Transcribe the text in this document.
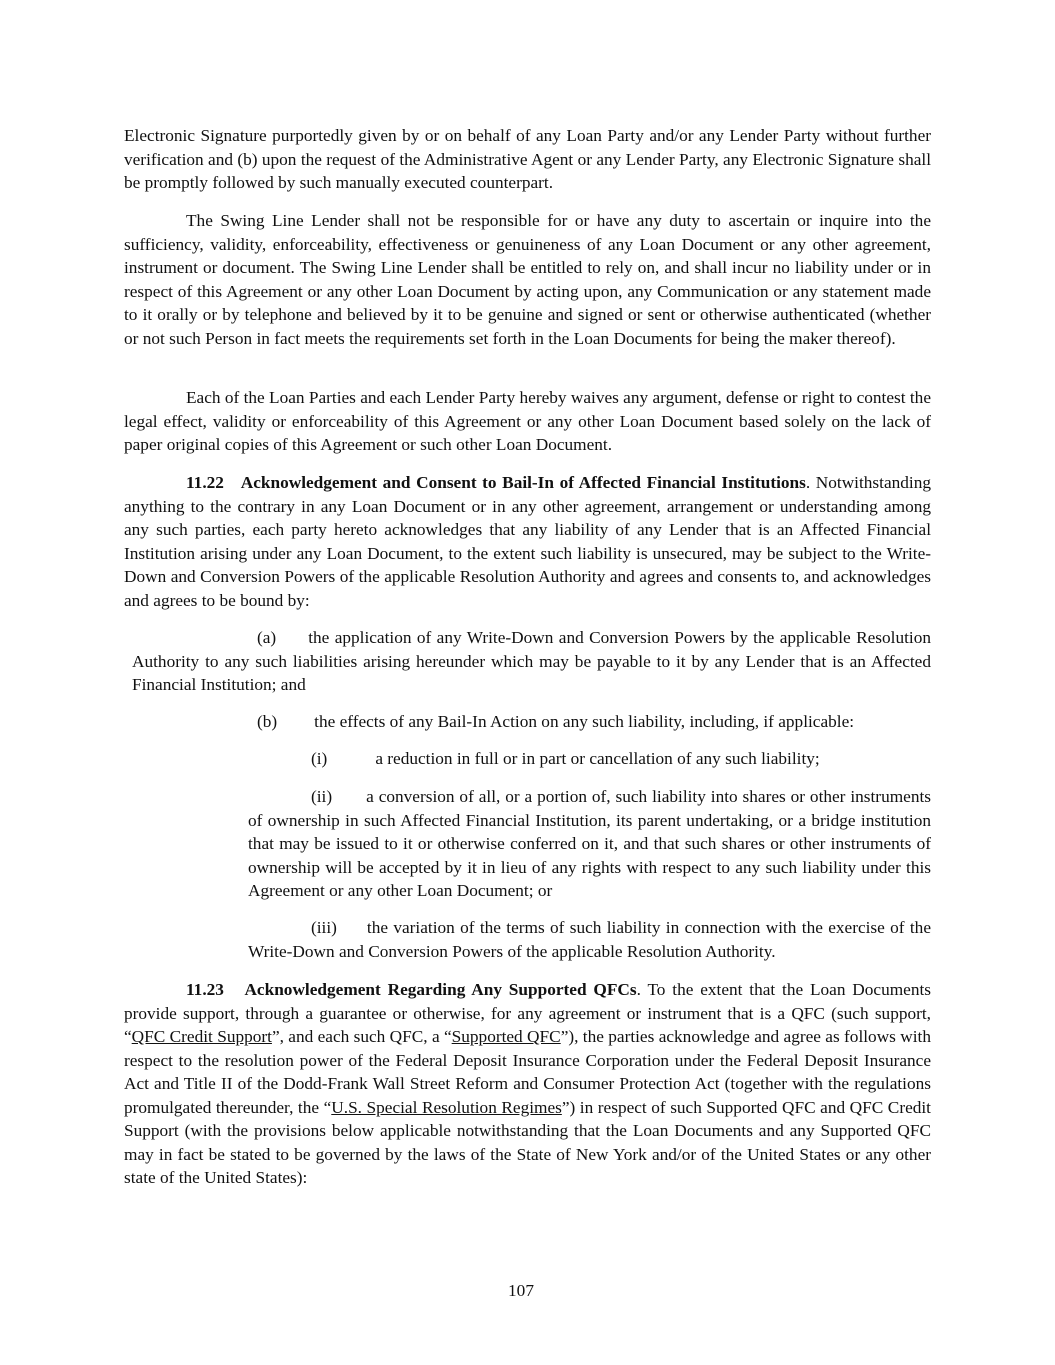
Electronic Signature purportedly given by or on behalf of any Loan Party and/or any Lender Party without further verification and (b) upon the request of the Administrative Agent or any Lender Party, any Electronic Signature shall be promptly followed by such manually executed counterpart.

The Swing Line Lender shall not be responsible for or have any duty to ascertain or inquire into the sufficiency, validity, enforceability, effectiveness or genuineness of any Loan Document or any other agreement, instrument or document. The Swing Line Lender shall be entitled to rely on, and shall incur no liability under or in respect of this Agreement or any other Loan Document by acting upon, any Communication or any statement made to it orally or by telephone and believed by it to be genuine and signed or sent or otherwise authenticated (whether or not such Person in fact meets the requirements set forth in the Loan Documents for being the maker thereof).

Each of the Loan Parties and each Lender Party hereby waives any argument, defense or right to contest the legal effect, validity or enforceability of this Agreement or any other Loan Document based solely on the lack of paper original copies of this Agreement or such other Loan Document.

11.22 Acknowledgement and Consent to Bail-In of Affected Financial Institutions. Notwithstanding anything to the contrary in any Loan Document or in any other agreement, arrangement or understanding among any such parties, each party hereto acknowledges that any liability of any Lender that is an Affected Financial Institution arising under any Loan Document, to the extent such liability is unsecured, may be subject to the Write-Down and Conversion Powers of the applicable Resolution Authority and agrees and consents to, and acknowledges and agrees to be bound by:

(a) the application of any Write-Down and Conversion Powers by the applicable Resolution Authority to any such liabilities arising hereunder which may be payable to it by any Lender that is an Affected Financial Institution; and

(b) the effects of any Bail-In Action on any such liability, including, if applicable:

(i)	a reduction in full or in part or cancellation of any such liability;

(ii) a conversion of all, or a portion of, such liability into shares or other instruments of ownership in such Affected Financial Institution, its parent undertaking, or a bridge institution that may be issued to it or otherwise conferred on it, and that such shares or other instruments of ownership will be accepted by it in lieu of any rights with respect to any such liability under this Agreement or any other Loan Document; or

(iii) the variation of the terms of such liability in connection with the exercise of the Write-Down and Conversion Powers of the applicable Resolution Authority.

11.23 Acknowledgement Regarding Any Supported QFCs. To the extent that the Loan Documents provide support, through a guarantee or otherwise, for any agreement or instrument that is a QFC (such support, “QFC Credit Support”, and each such QFC, a “Supported QFC”), the parties acknowledge and agree as follows with respect to the resolution power of the Federal Deposit Insurance Corporation under the Federal Deposit Insurance Act and Title II of the Dodd-Frank Wall Street Reform and Consumer Protection Act (together with the regulations promulgated thereunder, the “U.S. Special Resolution Regimes”) in respect of such Supported QFC and QFC Credit Support (with the provisions below applicable notwithstanding that the Loan Documents and any Supported QFC may in fact be stated to be governed by the laws of the State of New York and/or of the United States or any other state of the United States):

107
